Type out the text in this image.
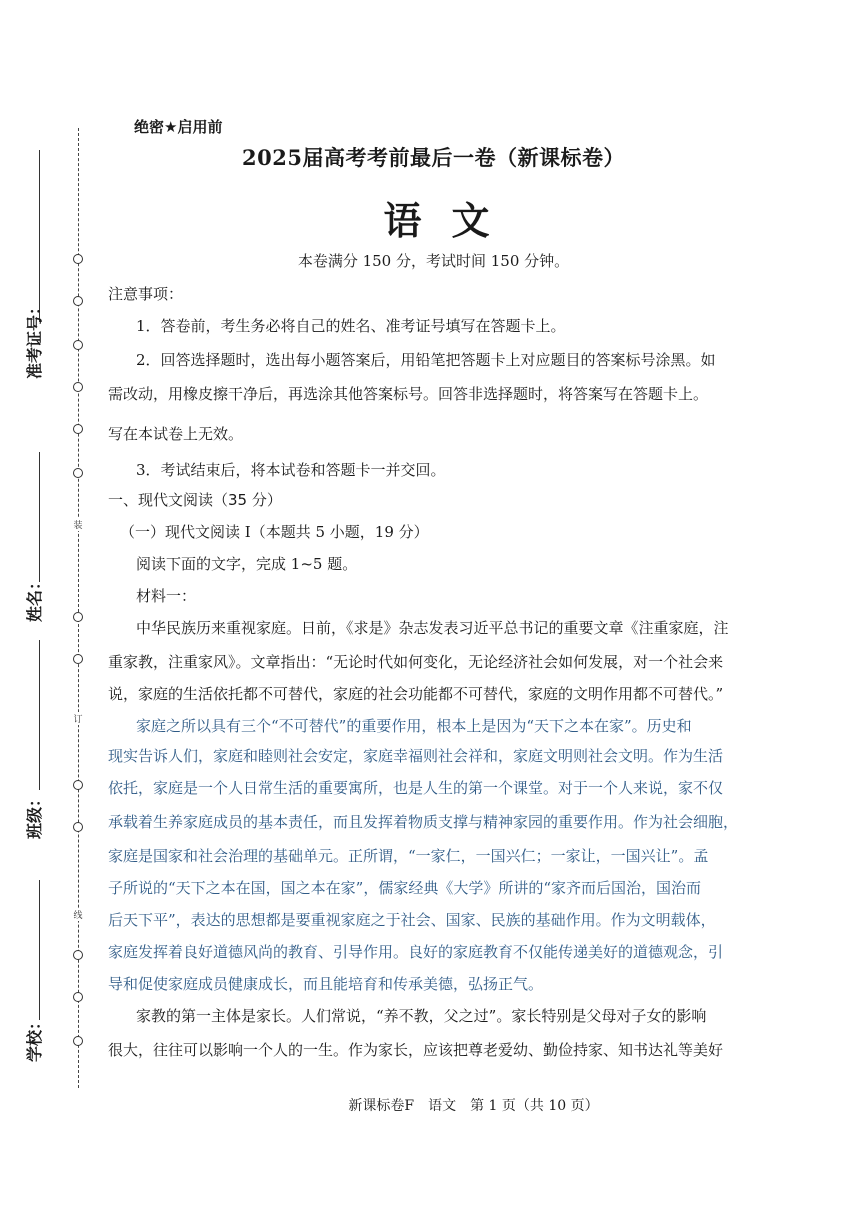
装
订
线
准考证号：
姓名：
班级：
学校：
绝密★启用前
2025届高考考前最后一卷（新课标卷）
语文
本卷满分 150 分，考试时间 150 分钟。
注意事项：
1．答卷前，考生务必将自己的姓名、准考证号填写在答题卡上。
2．回答选择题时，选出每小题答案后，用铅笔把答题卡上对应题目的答案标号涂黑。如
需改动，用橡皮擦干净后，再选涂其他答案标号。回答非选择题时，将答案写在答题卡上。
写在本试卷上无效。
3．考试结束后，将本试卷和答题卡一并交回。
一、现代文阅读（35 分）
（一）现代文阅读 I（本题共 5 小题，19 分）
阅读下面的文字，完成 1~5 题。
材料一：
中华民族历来重视家庭。日前，《求是》杂志发表习近平总书记的重要文章《注重家庭，注
重家教，注重家风》。文章指出：“无论时代如何变化，无论经济社会如何发展，对一个社会来
说，家庭的生活依托都不可替代，家庭的社会功能都不可替代，家庭的文明作用都不可替代。”
家庭之所以具有三个“不可替代”的重要作用，根本上是因为“天下之本在家”。历史和
现实告诉人们，家庭和睦则社会安定，家庭幸福则社会祥和，家庭文明则社会文明。作为生活
依托，家庭是一个人日常生活的重要寓所，也是人生的第一个课堂。对于一个人来说，家不仅
承载着生养家庭成员的基本责任，而且发挥着物质支撑与精神家园的重要作用。作为社会细胞，
家庭是国家和社会治理的基础单元。正所谓，“一家仁，一国兴仁；一家让，一国兴让”。孟
子所说的“天下之本在国，国之本在家”，儒家经典《大学》所讲的“家齐而后国治，国治而
后天下平”，表达的思想都是要重视家庭之于社会、国家、民族的基础作用。作为文明载体，
家庭发挥着良好道德风尚的教育、引导作用。良好的家庭教育不仅能传递美好的道德观念，引
导和促使家庭成员健康成长，而且能培育和传承美德，弘扬正气。
家教的第一主体是家长。人们常说，“养不教，父之过”。家长特别是父母对子女的影响
很大，往往可以影响一个人的一生。作为家长，应该把尊老爱幼、勤俭持家、知书达礼等美好
新课标卷F　语文　第 1 页（共 10 页）
